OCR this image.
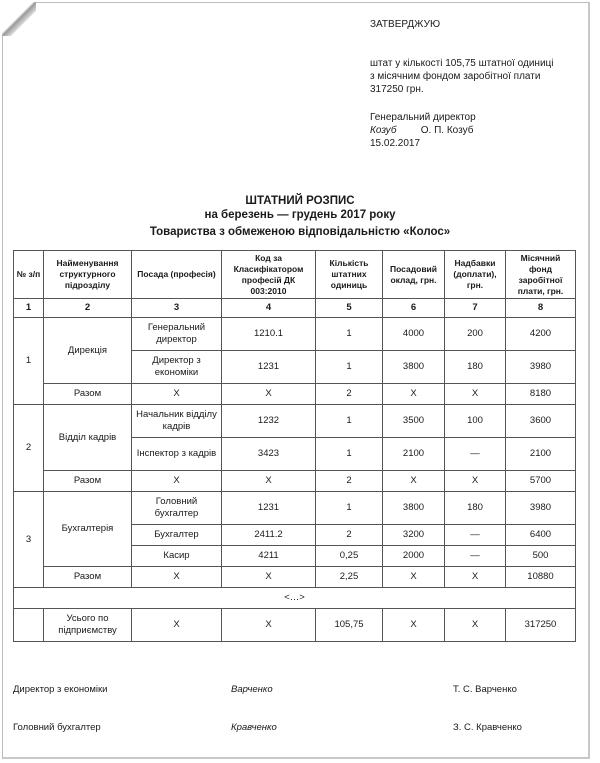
ЗАТВЕРДЖУЮ
штат у кількості 105,75 штатної одиниці
з місячним фондом заробітної плати
317250 грн.
Генеральний директор
Козуб О. П. Козуб
15.02.2017
ШТАТНИЙ РОЗПИС
на березень — грудень 2017 року
Товариства з обмеженою відповідальністю «Колос»
№ з/п	Найменування структурного підрозділу	Посада (професія)	Код за Класифікатором професій ДК 003:2010	Кількість штатних одиниць	Посадовий оклад, грн.	Надбавки (доплати), грн.	Місячний фонд заробітної плати, грн.
1	2	3	4	5	6	7	8
1	Дирекція	Генеральний директор	1210.1	1	4000	200	4200
		Директор з економіки	1231	1	3800	180	3980
	Разом	Х	Х	2	Х	Х	8180
2	Відділ кадрів	Начальник відділу кадрів	1232	1	3500	100	3600
		Інспектор з кадрів	3423	1	2100	—	2100
	Разом	Х	Х	2	Х	Х	5700
3	Бухгалтерія	Головний бухгалтер	1231	1	3800	180	3980
		Бухгалтер	2411.2	2	3200	—	6400
		Касир	4211	0,25	2000	—	500
	Разом	Х	Х	2,25	Х	Х	10880
<…>							
	Усього по підприємству	Х	Х	105,75	Х	Х	317250
Директор з економіки	Варченко	Т. С. Варченко
Головний бухгалтер	Кравченко	З. С. Кравченко
